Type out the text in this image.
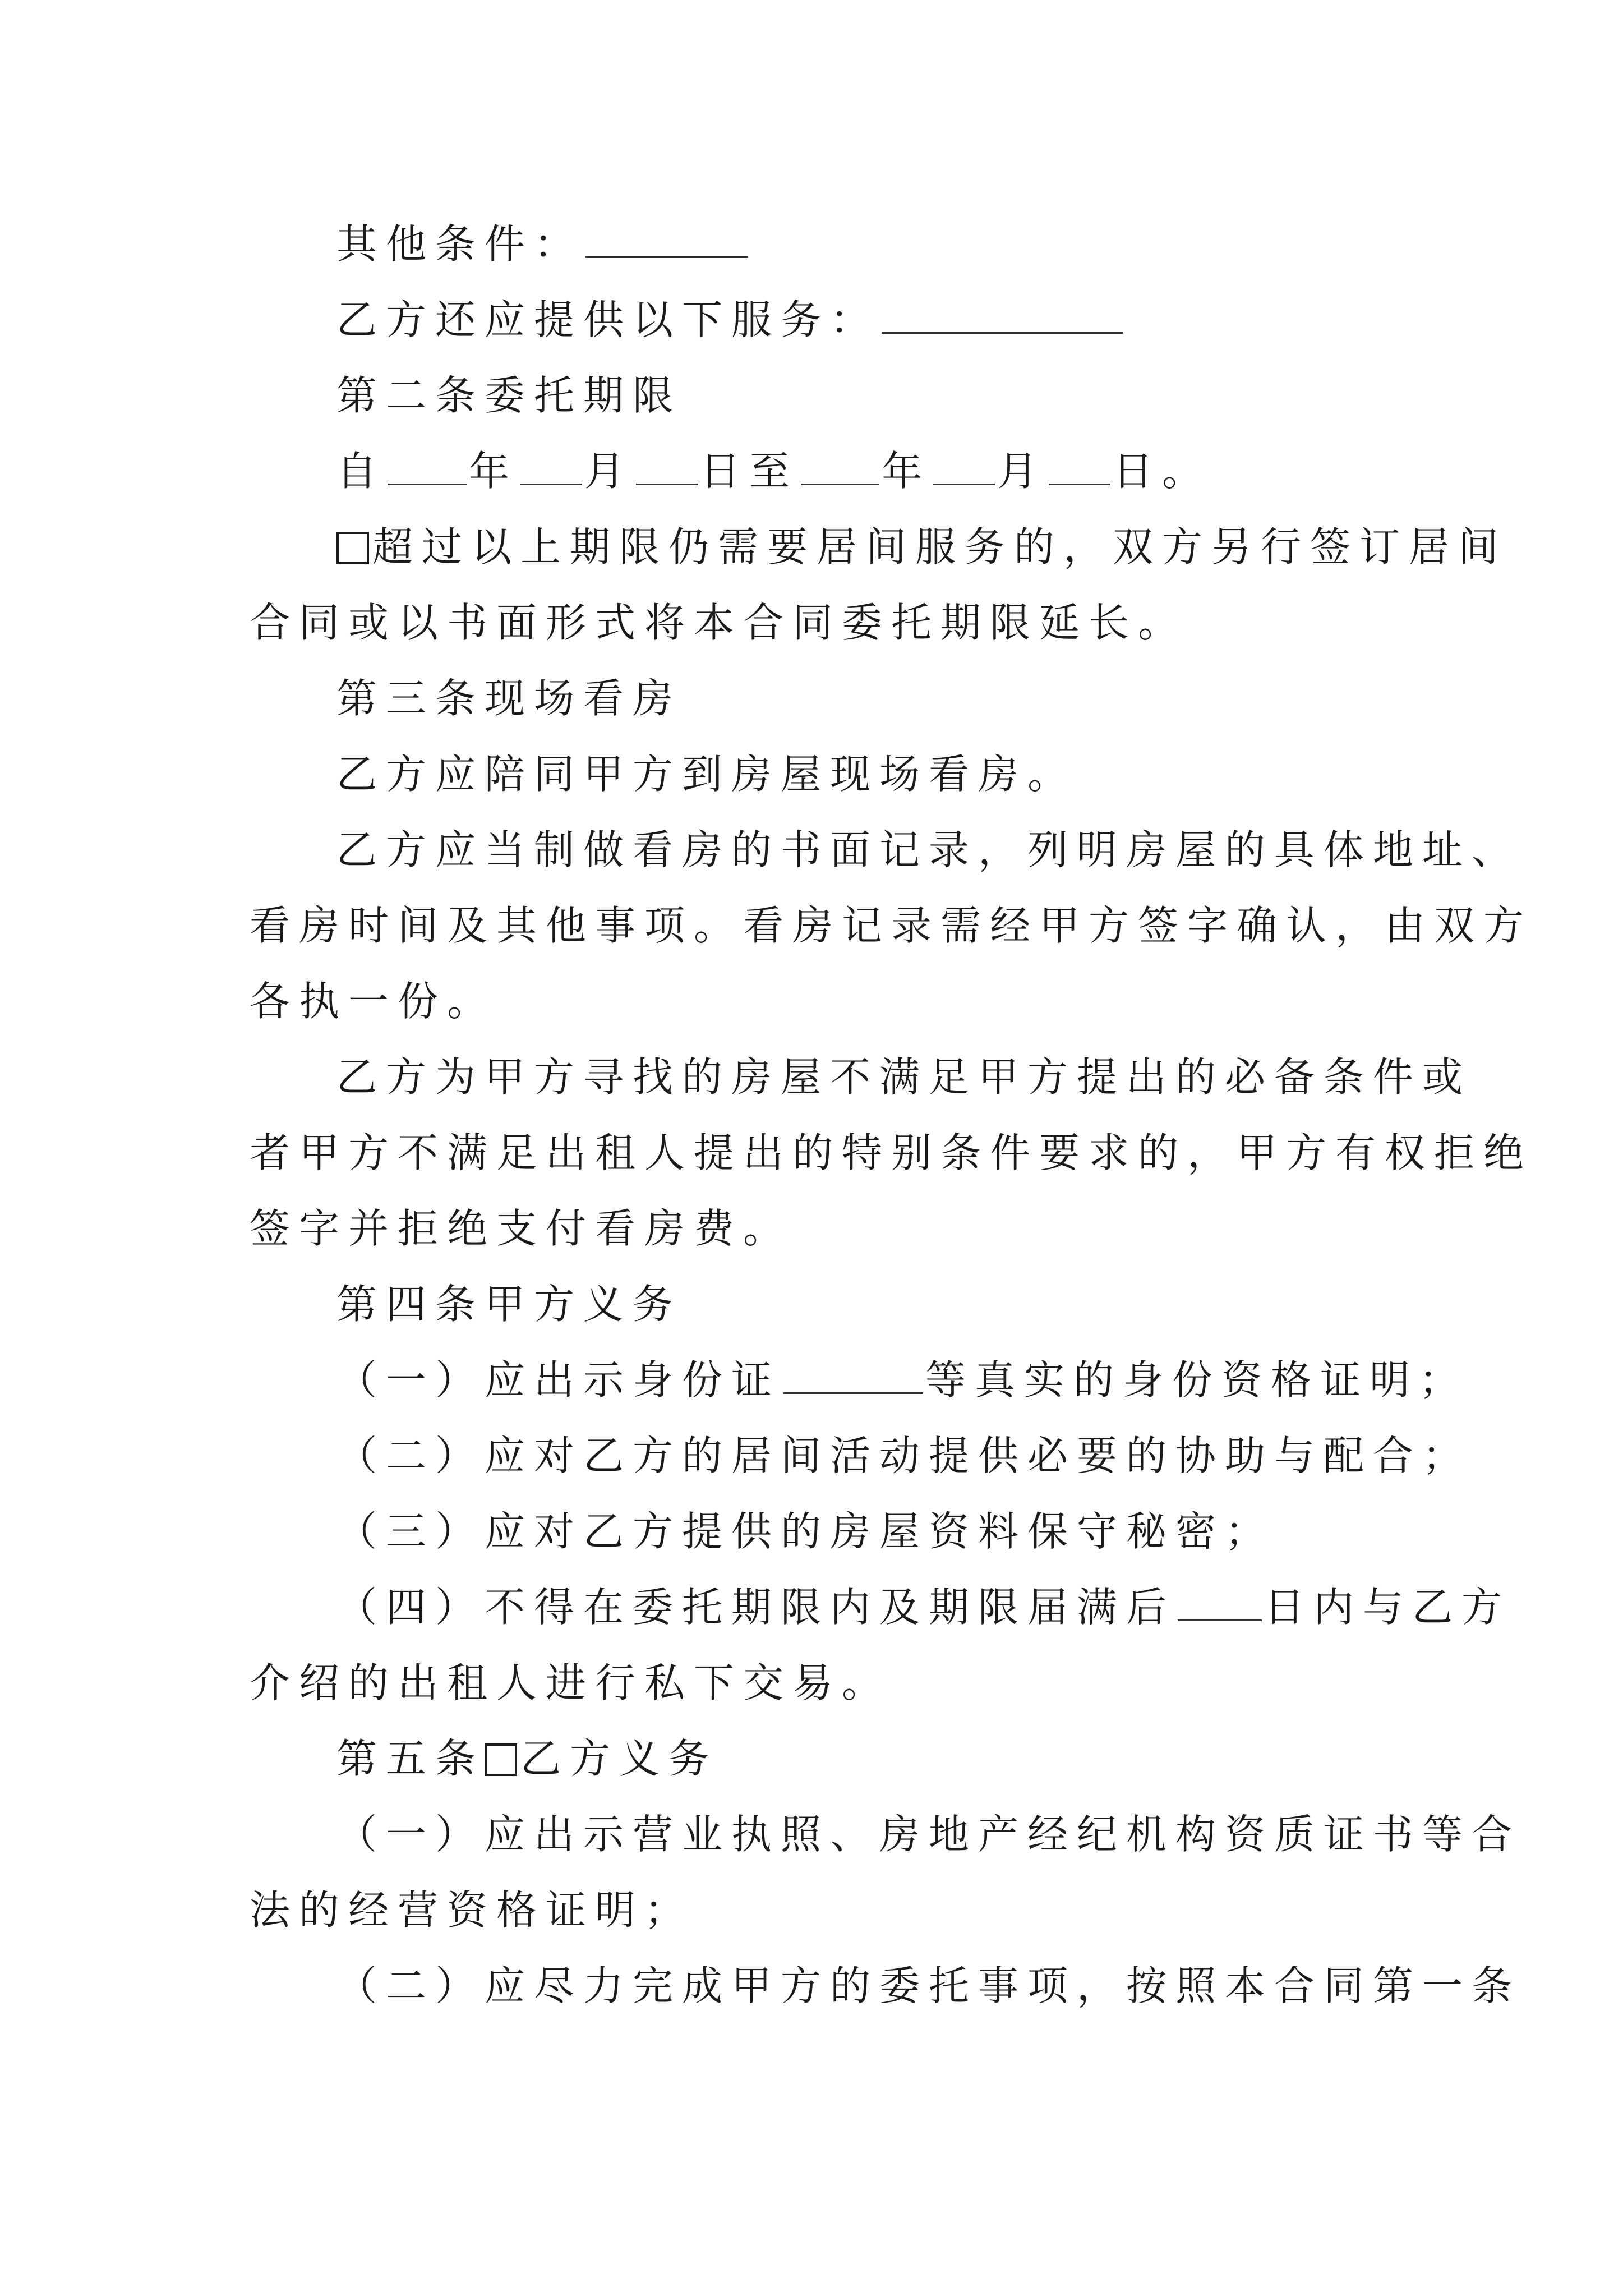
其他条件：
乙方还应提供以下服务：
第二条委托期限
自 年 月 日至 年 月 日。
超过以上期限仍需要居间服务的，双方另行签订居间
合同或以书面形式将本合同委托期限延长。
第三条现场看房
乙方应陪同甲方到房屋现场看房。
乙方应当制做看房的书面记录，列明房屋的具体地址、
看房时间及其他事项。看房记录需经甲方签字确认，由双方
各执一份。
乙方为甲方寻找的房屋不满足甲方提出的必备条件或
者甲方不满足出租人提出的特别条件要求的，甲方有权拒绝
签字并拒绝支付看房费。
第四条甲方义务
（一）应出示身份证	等真实的身份资格证明；
（二）应对乙方的居间活动提供必要的协助与配合；
（三）应对乙方提供的房屋资料保守秘密；
（四）不得在委托期限内及期限届满后 日内与乙方
介绍的出租人进行私下交易。
第五条 乙方义务
（一）应出示营业执照、房地产经纪机构资质证书等合
法的经营资格证明；
（二）应尽力完成甲方的委托事项，按照本合同第一条
